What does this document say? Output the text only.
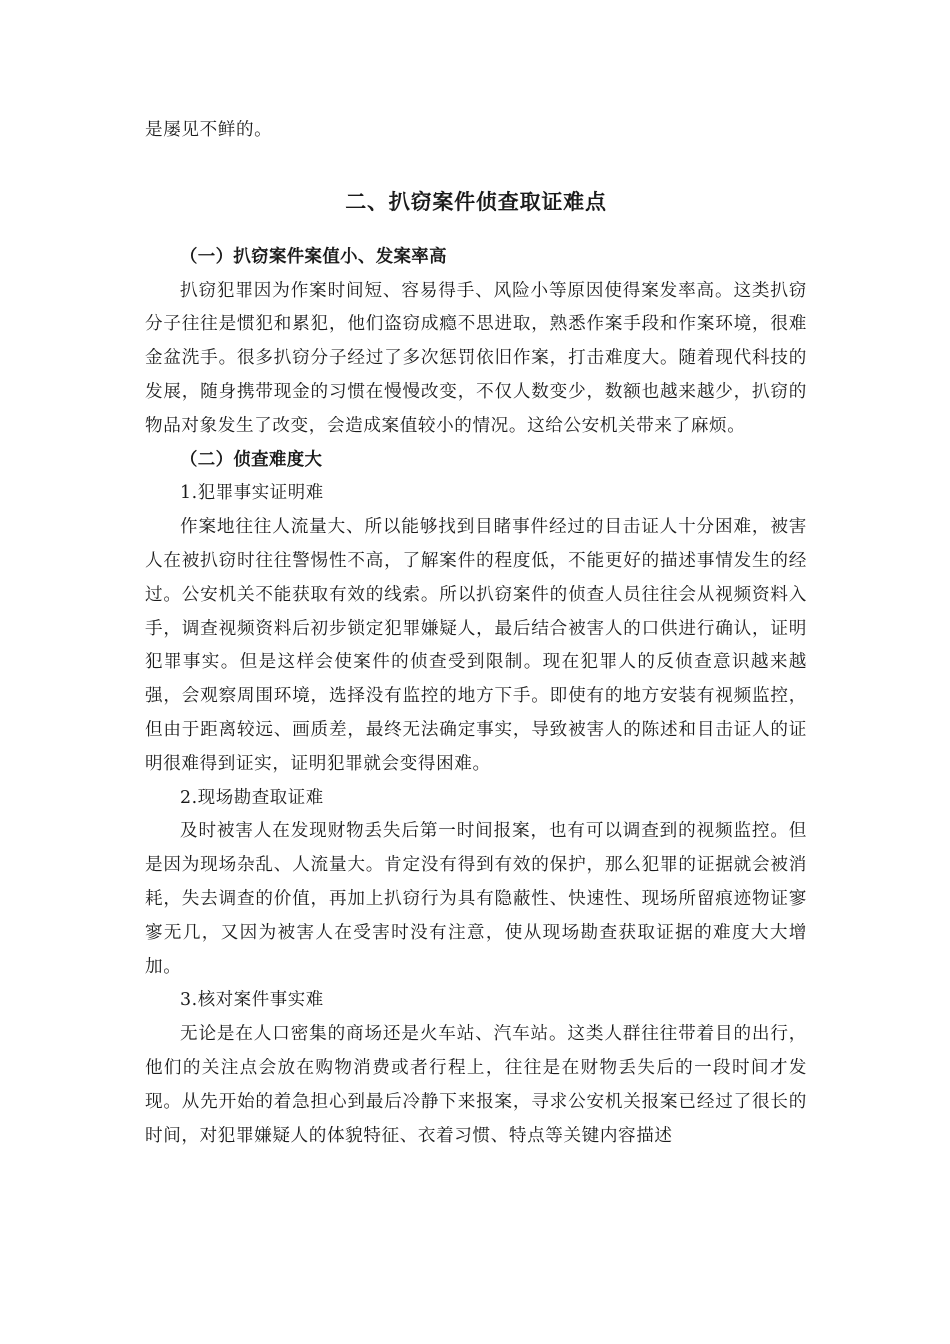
是屡见不鲜的。

二、扒窃案件侦查取证难点

（一）扒窃案件案值小、发案率高

扒窃犯罪因为作案时间短、容易得手、风险小等原因使得案发率高。这类扒窃分子往往是惯犯和累犯，他们盗窃成瘾不思进取，熟悉作案手段和作案环境，很难金盆洗手。很多扒窃分子经过了多次惩罚依旧作案，打击难度大。随着现代科技的发展，随身携带现金的习惯在慢慢改变，不仅人数变少，数额也越来越少，扒窃的物品对象发生了改变，会造成案值较小的情况。这给公安机关带来了麻烦。

（二）侦查难度大

1.犯罪事实证明难

作案地往往人流量大、所以能够找到目睹事件经过的目击证人十分困难，被害人在被扒窃时往往警惕性不高，了解案件的程度低，不能更好的描述事情发生的经过。公安机关不能获取有效的线索。所以扒窃案件的侦查人员往往会从视频资料入手，调查视频资料后初步锁定犯罪嫌疑人，最后结合被害人的口供进行确认，证明犯罪事实。但是这样会使案件的侦查受到限制。现在犯罪人的反侦查意识越来越强，会观察周围环境，选择没有监控的地方下手。即使有的地方安装有视频监控，但由于距离较远、画质差，最终无法确定事实，导致被害人的陈述和目击证人的证明很难得到证实，证明犯罪就会变得困难。

2.现场勘查取证难

及时被害人在发现财物丢失后第一时间报案，也有可以调查到的视频监控。但是因为现场杂乱、人流量大。肯定没有得到有效的保护，那么犯罪的证据就会被消耗，失去调查的价值，再加上扒窃行为具有隐蔽性、快速性、现场所留痕迹物证寥寥无几，又因为被害人在受害时没有注意，使从现场勘查获取证据的难度大大增加。

3.核对案件事实难

无论是在人口密集的商场还是火车站、汽车站。这类人群往往带着目的出行，他们的关注点会放在购物消费或者行程上，往往是在财物丢失后的一段时间才发现。从先开始的着急担心到最后冷静下来报案，寻求公安机关报案已经过了很长的时间，对犯罪嫌疑人的体貌特征、衣着习惯、特点等关键内容描述
